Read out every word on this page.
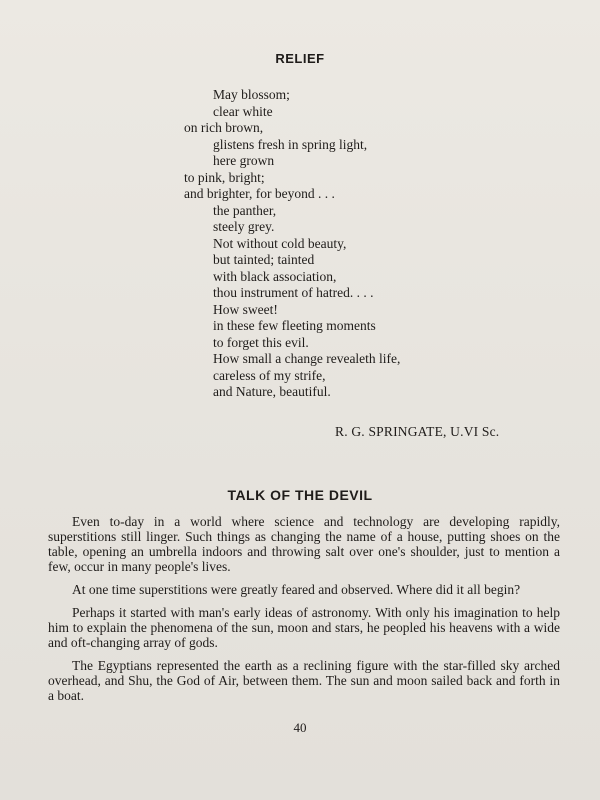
RELIEF
May blossom;
clear white
on rich brown,
glistens fresh in spring light,
here grown
to pink, bright;
and brighter, for beyond . . .
the panther,
steely grey.
Not without cold beauty,
but tainted; tainted
with black association,
thou instrument of hatred. . . .
How sweet!
in these few fleeting moments
to forget this evil.
How small a change revealeth life,
careless of my strife,
and Nature, beautiful.
R. G. SPRINGATE, U.VI Sc.
TALK OF THE DEVIL

Even to-day in a world where science and technology are developing rapidly, superstitions still linger. Such things as changing the name of a house, putting shoes on the table, opening an umbrella indoors and throwing salt over one's shoulder, just to mention a few, occur in many people's lives.

At one time superstitions were greatly feared and observed. Where did it all begin?

Perhaps it started with man's early ideas of astronomy. With only his imagination to help him to explain the phenomena of the sun, moon and stars, he peopled his heavens with a wide and oft-changing array of gods.

The Egyptians represented the earth as a reclining figure with the star-filled sky arched overhead, and Shu, the God of Air, between them. The sun and moon sailed back and forth in a boat.

40
